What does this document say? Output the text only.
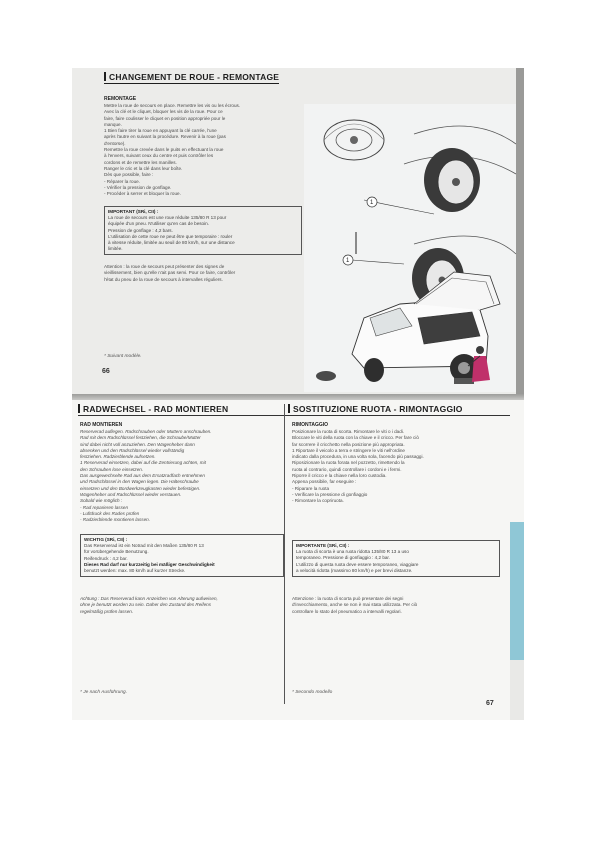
CHANGEMENT DE ROUE - REMONTAGE
REMONTAGE
Mettre la roue de secours en place. Remettre les vis ou les écrous.
Avec la clé et le cliquet, bloquer les vis de la roue. Pour ce
faire, faire coulisser le cliquet en position appropriée pour le
manque.
1 Bien faire tirer la roue en appuyant la clé carrée, l'une
après l'autre en suivant la procédure. Revenir à la roue (pas
d'entorse).
Remettre la roue crevée dans le puits en effectuant la roue
à l'envers, suivant ceux du centre et puis contrôler les
cordons et de remettre les manilles.
Ranger le cric et la clé dans leur boîte.
Dès que possible, faire :
- Réparer la roue.
- Vérifier la pression de gonflage.
- Procéder à serrer et bloquer la roue.
IMPORTANT (SRi, CII) :
La roue de secours est une roue réduite 135/80 R 13 pour
équipée d'un pneu. N'utiliser qu'en cas de besoin.
Pression de gonflage : 4,2 bars.
L'utilisation de cette roue ne peut être que temporaire : rouler
à vitesse réduite, limitée au seuil de 80 km/h, sur une distance
limitée.
Attention : la roue de secours peut présenter des signes de
vieillissement, bien qu'elle n'ait pas servi. Pour ce faire, contrôler
l'état du pneu de la roue de secours à intervalles réguliers.
* Suivant modèle.
66
1
1
RADWECHSEL - RAD MONTIEREN	SOSTITUZIONE RUOTA - RIMONTAGGIO
RAD MONTIEREN
Reserverad auflegen. Radschrauben oder Muttern anschrauben.
Rad mit dem Radschlüssel festziehen, die Schraube/Mutter
sind dabei nicht voll anzuziehen. Den Wagenheber dann
absenken und den Radschlüssel wieder vollständig
festziehen. Radzierblende aufsetzen.
1 Reserverad einsetzen, dabei auf die Zentrierung achten, mit
den Schrauben lose einsetzen.
Das ausgewechselte Rad aus dem Ersatzradfach entnehmen
und Radschlüssel in den Wagen legen. Die Halteschraube
einsetzen und den Bordwerkzeugkasten wieder befestigen.
Wagenheber und Radschlüssel wieder verstauen.
Sobald wie möglich :
- Rad reparieren lassen
- Luftdruck des Rades prüfen
- Radzierblende montieren lassen.
WICHTIG (SRi, CII) :
Das Reserverad ist ein Notrad mit den Maßen 135/80 R 13
für vorübergehende Benutzung.
Reifendruck : 4,2 bar.
Dieses Rad darf nur kurzzeitig bei mäßiger Geschwindigkeit
benutzt werden: max. 80 km/h auf kurzer Strecke.
Achtung : Das Reserverad kann Anzeichen von Alterung aufweisen,
ohne je benutzt worden zu sein. Daher den Zustand des Reifens
regelmäßig prüfen lassen.
* Je nach Ausführung.
RIMONTAGGIO
Posizionare la ruota di scorta. Rimontare le viti o i dadi.
Bloccare le viti della ruota con la chiave e il cricco. Per fare ciò
far scorrere il cricchetto nella posizione più appropriata.
1 Riportare il veicolo a terra e stringere le viti nell'ordine
indicato dalla procedura, in una volta sola, facendo più passaggi.
Riposizionare la ruota forata nel pozzetto, rimettendo la
ruota al contrario, quindi controllare i cordoni e i fermi.
Riporre il cricco e la chiave nella loro custodia.
Appena possibile, far eseguire :
- Riparare la ruota
- Verificare la pressione di gonfiaggio
- Rimontare la copriruota.
IMPORTANTE (SRi, CII) :
La ruota di scorta è una ruota ridotta 135/80 R 13 a uso
temporaneo. Pressione di gonfiaggio : 4,2 bar.
L'utilizzo di questa ruota deve essere temporaneo, viaggiare
a velocità ridotta (massimo 80 km/h) e per brevi distanze.
Attenzione : la ruota di scorta può presentare dei segni
d'invecchiamento, anche se non è mai stata utilizzata. Per ciò
controllare lo stato del pneumatico a intervalli regolari.
* Secondo modello
67
